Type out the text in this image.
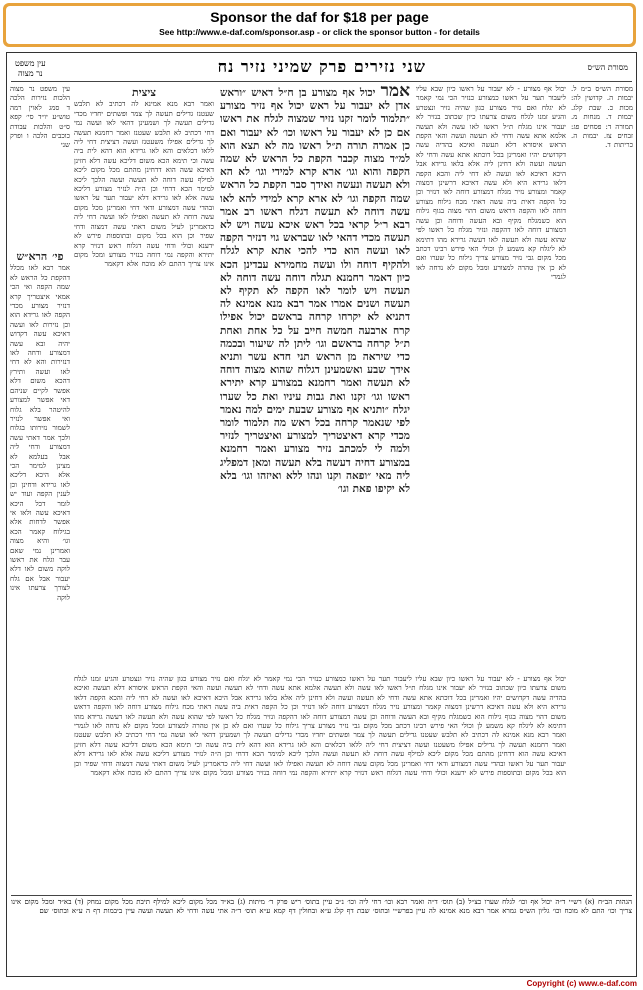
Sponsor the daf for $18 per page
See http://www.e-daf.com/sponsor.asp - or click the sponsor button - for details
מסורת הש״ס
שני נזירים פרק שמיני נזיר נח
עין משפט
נר מצוה
מסורת הש״ס ב״מ ל. יבמות ה. קדושין לה: מכות כ. שבת קלג. יבמות ד. מנחות מ. תמורה ד: פסחים פג: זבחים צז. יבמות ה. כריתות ד.
יכול אף מצורע - לא יעבור על ראשו כיון שבא עליו ליעבור תער על ראשו כמצורע כנזיר הכי נמי קאמר לא יגלח ואם נזיר מצורע כגון שהיה נזיר ונצטרע והגיע זמנו לגלח משום צרעתו כיון שכתוב בנזיר לא יעבור אינו מגלח ת״ל ראשו לאו עשה ולא תעשה אלמא אתא עשה ודחי לא תעשה ועשה והאי הקפת הראש איסורא דלא תעשה ואיכא בהדיה עשה דקדושים יהיו ואמרינן בכל דוכתא אתא עשה ודחי לא תעשה ועשה ולא דחינן ליה אלא בלאו גרידא אבל היכא דאיכא לאו ועשה לא דחי ליה והכא הקפה דלאו גרידא היא ולא עשה דאיכא דרשינן דמצוה קאמר ומצורע נזיר מגלח דמצורע דוחה לאו דנזיר וכן כל הקפה דאית ביה עשה דאתי מכח גילוח מצורע דוחה לאו והקפה דראש משום דהוי מצוה בגוף גילוח הוא כשמגלח מקיף ובא העשה ודוחה וכן עשה דמצורע דוחה לאו דהקפה ונזיר מגלח כל ראשו לפי שהוא עשה ולא תעשה לאו דעשה גרידא מהו דתימא לא ליגלח קא משמע לן וכולי האי פירש רבינו דכתב מכל מקום גבי נזיר מצורע צריך גילוח כל שערו ואם לא כן אין טהרה למצורע ומכל מקום לא נדחה לאו לגמרי
אמר יכול אף מצורע בן ח״ל דאיש ״וראש אדן לא יעבור על ראש יכול אף נזיר מצורע ״תלמוד לומר זקנו נזיר שמצוה לגלח את ראשו אם כן לא יעבור על ראשו וכו׳ לא יעבור ואם כן אמרה תורה ת״ל ראשו מה לא תצא הוא למ״ד מצוה קכבר הקפת כל הראש לא שמה הקפה והוא וגו׳ ארא קרא למידי וגו׳ לא הא ולא תעשה ונעשה ואידך סבר הקפת כל הראש שמה הקפה וגו׳ לא ארא קרא למידי להא לאו עשה דוחה לא תעשה דגלח ראשו רב אמר רבא ר״ל קראי בכל ראש איכא עשה ויש לא תעשה מכדי דהאי לאו שבראש גוי דנזיר הקפה לאו ועשה הוא כדי להכי אתא קרא לגלח ולהקיף דוחה ולו ועשה מחמירא עבדינן הכא כיון דאמר רחמנא תגלח דוחה עשה דוחה לא תעשה ויש לומר לאו הקפה לא תקיף לא תעשה ושנים אמרו אמר רבא מנא אמינא לה דתניא לא יקרחו קרחה בראשם יכול אפילו קרח ארבעה חמשה חייב על כל אחת ואחת ת״ל קרחה בראשם וגו׳ ליתן לה שיעור ובכמה כדי שיראה מן הראש תני חדא עשר ותניא אידך שבע ואשמעינן דגלוח שהוא מצוה דוחה לא תעשה ואמר רחמנא במצורע קרא יתירא ראשו וגו׳ זקנו ואת גבות עיניו ואת כל שערו יגלח ״ותניא אף מצורע שבעת ימים למה נאמר לפי שנאמר קרחה בכל ראש מה תלמוד לומר מכדי קרא דאיצטריך למצורע ואיצטריך לנזיר ולמה לי למכתב נזיר מצורע ואמר רחמנא במצורע דחיה דעשה בלא תעשה ומאן דמפליג ליה מאי ״ופאה וקנו ונהו ללא ואיזהו וגו׳ בלא לא יקיפו פאת וגו׳
ציצית
ואמר רבא מנא אמינא לה דכתיב לא תלבש שעטנז גדילים תעשה לך צמר ופשתים יחדיו מכדי גדילים תעשה לך ושמעינן דהאי לאו ועשה נמי דחי דכתיב לא תלבש שעטנז ואמר רחמנא תעשה לך גדילים אפילו משעטנז ועשה דציצית דחי ליה ללאו דכלאים והא לאו גרידא הוא דהא לית ביה עשה וכי תימא הכא משום דליכא עשה דלא חזינן דאיכא עשה הוא דדחינן מהתם מכל מקום ליכא למילף עשה דוחה לא תעשה ועשה הלכך ליכא למימר הכא דדחי וכן ה״ה לנזיר מצורע דליכא עשה אלא לאו גרידא דלא יעבור תער על ראשו ובהדי עשה דמצורע ודאי דחי ואמרינן מכל מקום עשה דוחה לא תעשה ואפילו לאו ועשה דחי ליה כדאמרינן לעיל משום דאתי עשה דמצוה ודחי שפיר וכן הוא בכל מקום ובתוספות פירש לא ידענא וכולי ודחי עשה דגלוח ראש דנזיר קרא יתירא והקפה נמי דוחה בנזיר מצורע ומכל מקום אינו צריך דהתם לא מוכח אלא דקאמר
עין משפט נר מצוה הלכות נזירות הלכה ד סמג לאוין רמה טוש״ע יו״ד סי׳ קפא ס״ט והלכות עבודת כוכבים הלכה ו ופרק שני
פי׳ הרא״ש
אמר רבא לאו מכלל דהקפת כל הראש לא שמה הקפה ואי הכי אמאי איצטריך קרא דנזיר מצורע מכדי הקפה לאו גרידא הוא וכן נזירות לאו ועשה דאיכא עשה דקדוש יהיה ובא עשה דמצורע ודחה לאו דנזירות והא לא דחי לאו ועשה ותירץ דהכא משום דלא אפשר לקיים שניהם דאי אפשר למצורע להיטהר בלא גלוח ואי אפשר לנזיר לשמור נזירותו בגלוח ולכך אמר דאתי עשה דמצורע ודחי ליה אבל בעלמא לא מצינן למימר הכי אלא היכא דליכא לאו גרידא ודחינן וכן לענין הקפה ועוד יש לומר דכל היכא דאיכא עשה ולאו אי אפשר לדחות אלא בגילוח קאמר הכא וגו׳ והיא מצוה ואמרינן נמי שאם עבר וגלח את ראשו לוקה משום לאו דלא יעבור אבל אם גלח לצורך צרעתו אינו לוקה
יכול אף מצורע - לא יעבור על ראשו כיון שבא עליו ליעבור תער על ראשו כמצורע כנזיר הכי נמי קאמר לא יגלח ואם נזיר מצורע כגון שהיה נזיר ונצטרע והגיע זמנו לגלח משום צרעתו כיון שכתוב בנזיר לא יעבור אינו מגלח ת״ל ראשו לאו עשה ולא תעשה אלמא אתא עשה ודחי לא תעשה ועשה והאי הקפת הראש איסורא דלא תעשה ואיכא בהדיה עשה דקדושים יהיו ואמרינן בכל דוכתא אתא עשה ודחי לא תעשה ועשה ולא דחינן ליה אלא בלאו גרידא אבל היכא דאיכא לאו ועשה לא דחי ליה והכא הקפה דלאו גרידא היא ולא עשה דאיכא דרשינן דמצוה קאמר ומצורע נזיר מגלח דמצורע דוחה לאו דנזיר וכן כל הקפה דאית ביה עשה דאתי מכח גילוח מצורע דוחה לאו והקפה דראש משום דהוי מצוה בגוף גילוח הוא כשמגלח מקיף ובא העשה ודוחה וכן עשה דמצורע דוחה לאו דהקפה ונזיר מגלח כל ראשו לפי שהוא עשה ולא תעשה לאו דעשה גרידא מהו דתימא לא ליגלח קא משמע לן וכולי האי פירש רבינו דכתב מכל מקום גבי נזיר מצורע צריך גילוח כל שערו ואם לא כן אין טהרה למצורע ומכל מקום לא נדחה לאו לגמרי ואמר רבא מנא אמינא לה דכתיב לא תלבש שעטנז גדילים תעשה לך צמר ופשתים יחדיו מכדי גדילים תעשה לך ושמעינן דהאי לאו ועשה נמי דחי דכתיב לא תלבש שעטנז ואמר רחמנא תעשה לך גדילים אפילו משעטנז ועשה דציצית דחי ליה ללאו דכלאים והא לאו גרידא הוא דהא לית ביה עשה וכי תימא הכא משום דליכא עשה דלא חזינן דאיכא עשה הוא דדחינן מהתם מכל מקום ליכא למילף עשה דוחה לא תעשה ועשה הלכך ליכא למימר הכא דדחי וכן ה״ה לנזיר מצורע דליכא עשה אלא לאו גרידא דלא יעבור תער על ראשו ובהדי עשה דמצורע ודאי דחי ואמרינן מכל מקום עשה דוחה לא תעשה ואפילו לאו ועשה דחי ליה כדאמרינן לעיל משום דאתי עשה דמצוה ודחי שפיר וכן הוא בכל מקום ובתוספות פירש לא ידענא וכולי ודחי עשה דגלוח ראש דנזיר קרא יתירא והקפה נמי דוחה בנזיר מצורע ומכל מקום אינו צריך דהתם לא מוכח אלא דקאמר
הגהות הב״ח (א) רש״י ד״ה יכול אף וכו׳ לגלח שערו כצ״ל (ב) תוס׳ ד״ה ואמר רבא וכו׳ דחי ליה וכו׳ נ״ב עיין בתוס׳ ריש פרק ד׳ מיתות (ג) בא״ד מכל מקום ליכא למילף תיבת מכל מקום נמחק (ד) בא״ד ומכל מקום אינו צריך וכו׳ התם לא מוכח וכו׳ גליון הש״ס גמרא אמר רבא מנא אמינא לה עיין בפרש״י ובתוס׳ שבת דף קלג ע״א ובחולין דף קמא ע״א תוס׳ ד״ה אתי עשה ודחי לא תעשה ועשה עיין ביבמות דף ה ע״א ובתוס׳ שם
Copyright (c) www.e-daf.com
